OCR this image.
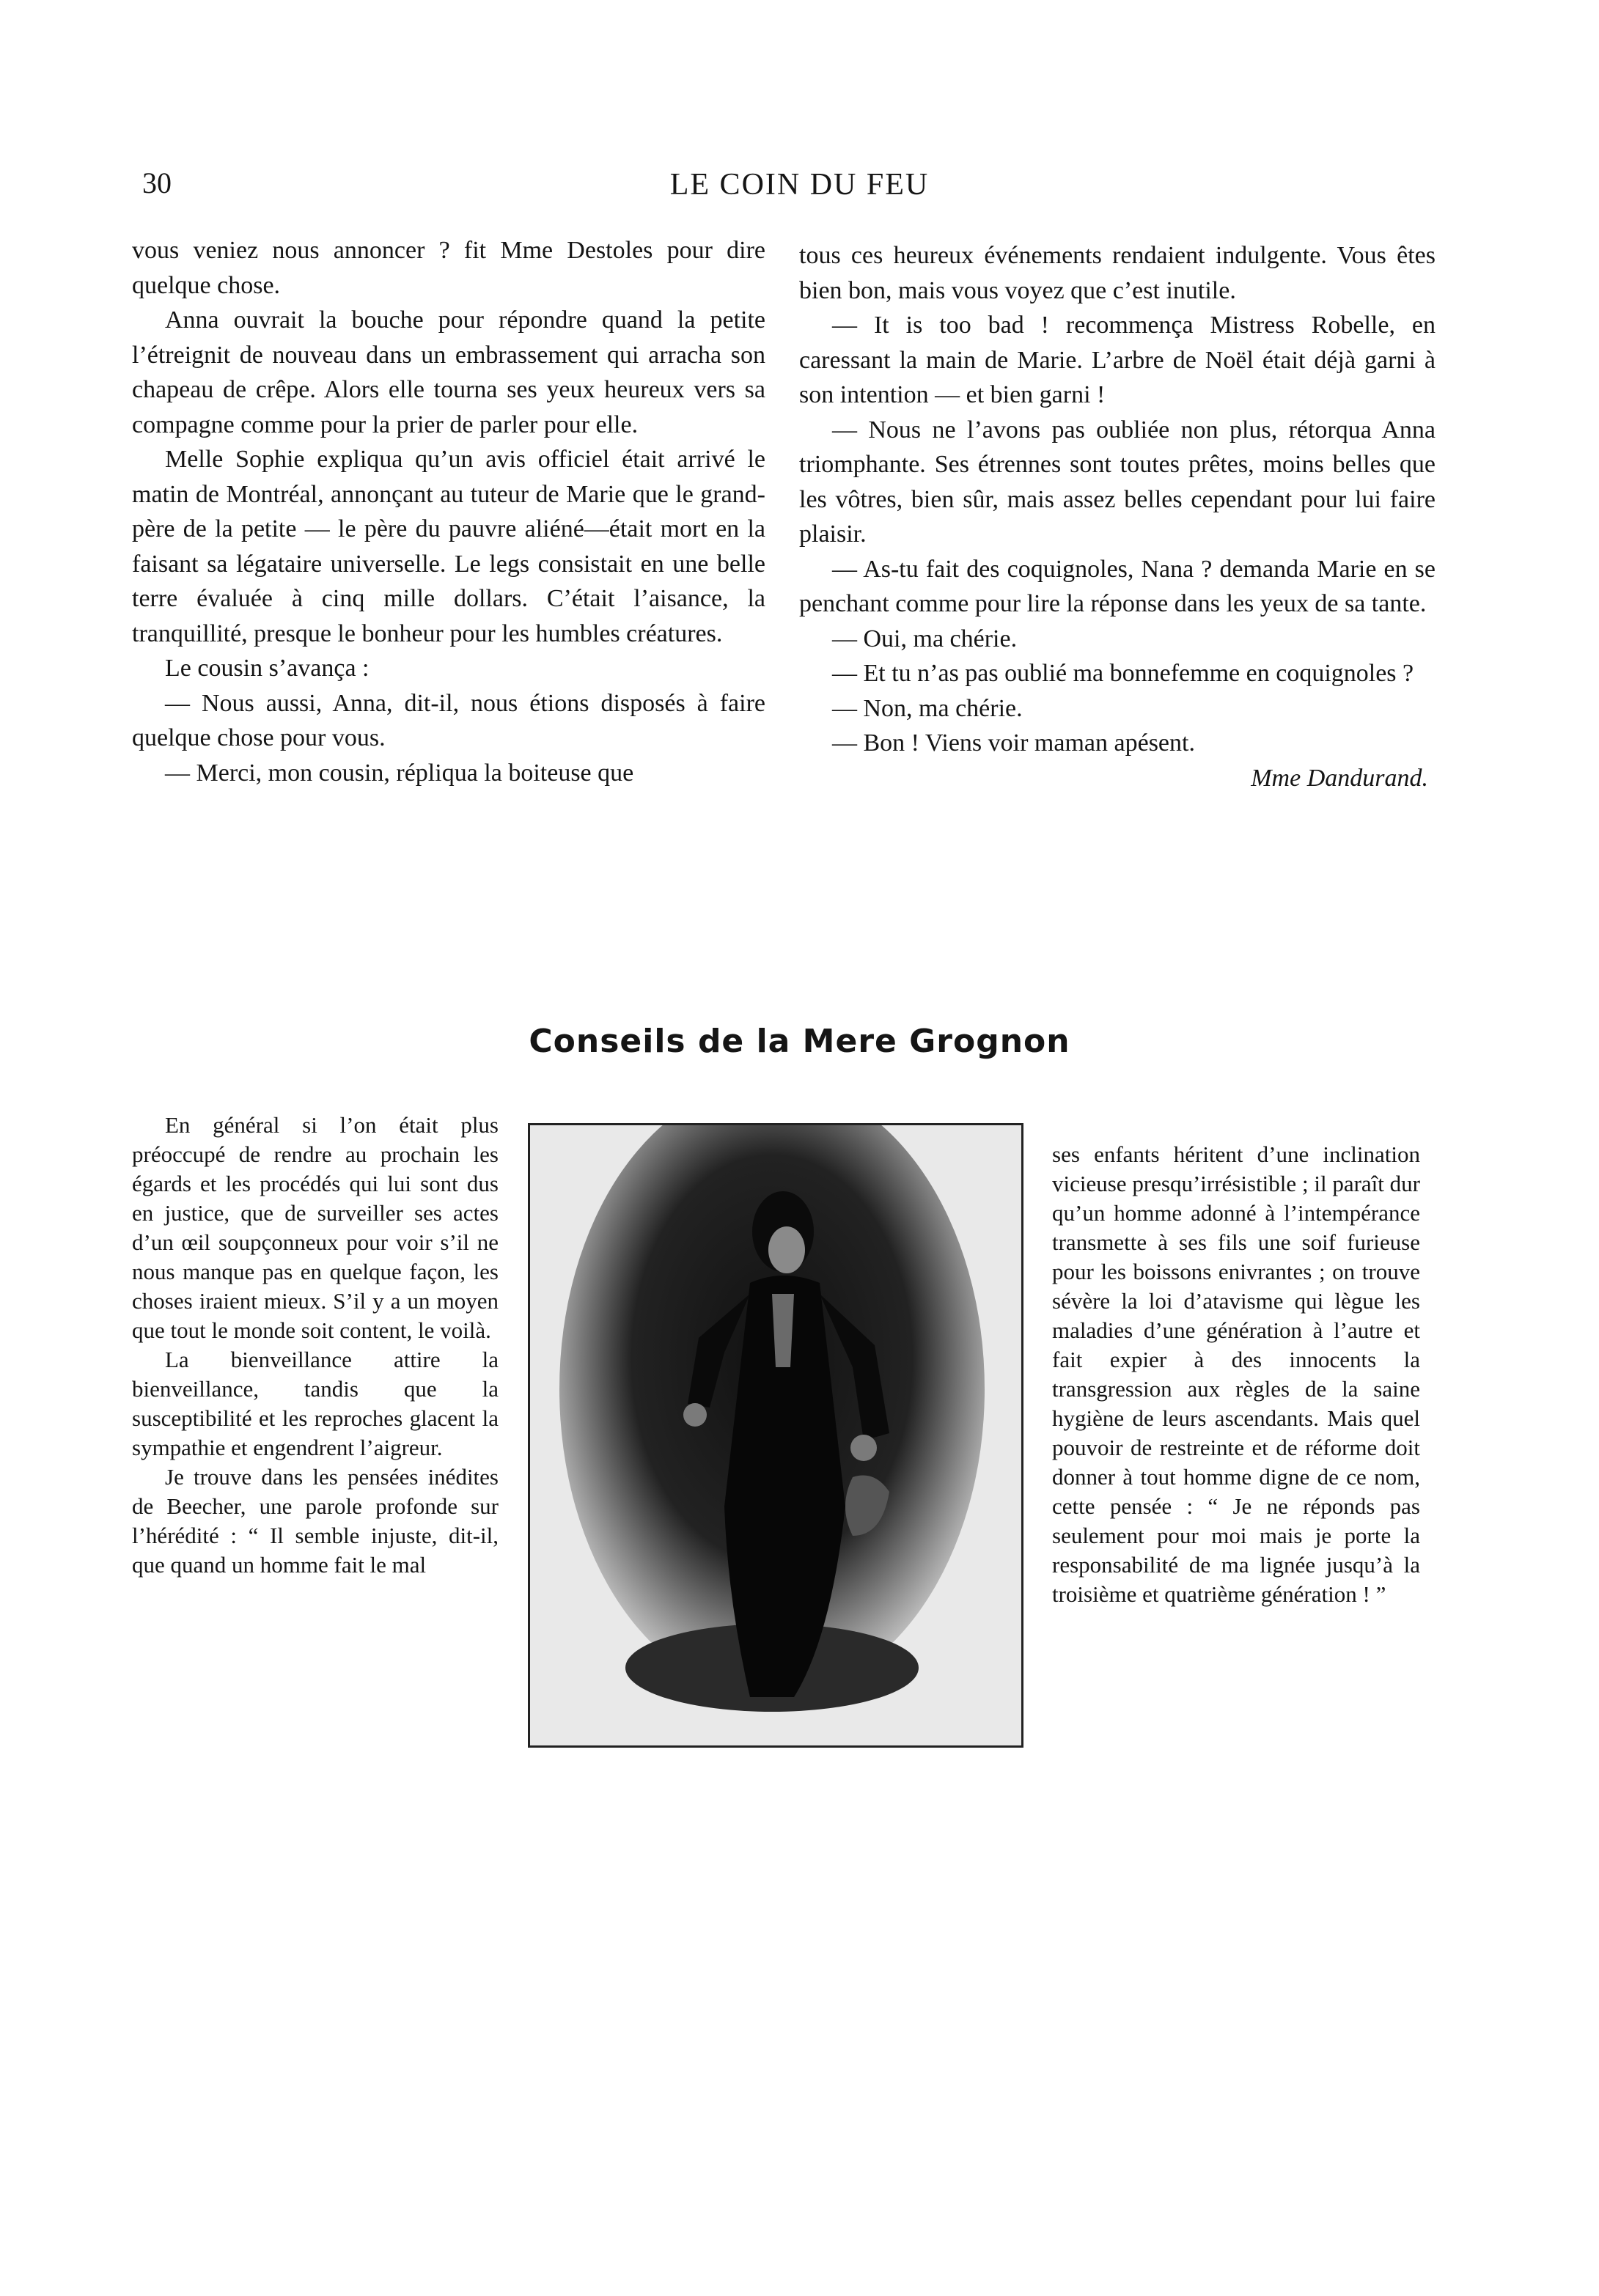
30	LE COIN DU FEU

vous veniez nous annoncer ? fit Mme Destoles pour dire quelque chose.

Anna ouvrait la bouche pour répondre quand la petite l’étreignit de nouveau dans un embrassement qui arracha son chapeau de crêpe. Alors elle tourna ses yeux heureux vers sa compagne comme pour la prier de parler pour elle.

Melle Sophie expliqua qu’un avis officiel était arrivé le matin de Montréal, annonçant au tuteur de Marie que le grand-père de la petite — le père du pauvre aliéné—était mort en la faisant sa légataire universelle. Le legs consistait en une belle terre évaluée à cinq mille dollars. C’était l’aisance, la tranquillité, presque le bonheur pour les humbles créatures.

Le cousin s’avança :

— Nous aussi, Anna, dit-il, nous étions disposés à faire quelque chose pour vous.

— Merci, mon cousin, répliqua la boiteuse que

tous ces heureux événements rendaient indulgente. Vous êtes bien bon, mais vous voyez que c’est inutile.

— It is too bad ! recommença Mistress Robelle, en caressant la main de Marie. L’arbre de Noël était déjà garni à son intention — et bien garni !

— Nous ne l’avons pas oubliée non plus, rétorqua Anna triomphante. Ses étrennes sont toutes prêtes, moins belles que les vôtres, bien sûr, mais assez belles cependant pour lui faire plaisir.

— As-tu fait des coquignoles, Nana ? demanda Marie en se penchant comme pour lire la réponse dans les yeux de sa tante.

— Oui, ma chérie.

— Et tu n’as pas oublié ma bonnefemme en coquignoles ?

— Non, ma chérie.

— Bon ! Viens voir maman apésent.

Mme Dandurand.

Conseils de la Mere Grognon

En général si l’on était plus préoccupé de rendre au prochain les égards et les procédés qui lui sont dus en justice, que de surveiller ses actes d’un œil soupçonneux pour voir s’il ne nous manque pas en quelque façon, les choses iraient mieux. S’il y a un moyen que tout le monde soit content, le voilà.

La bienveillance attire la bienveillance, tandis que la susceptibilité et les reproches glacent la sympathie et engendrent l’aigreur.

Je trouve dans les pensées inédites de Beecher, une parole profonde sur l’hérédité : “ Il semble injuste, dit-il, que quand un homme fait le mal

ses enfants héritent d’une inclination vicieuse presqu’irrésistible ; il paraît dur qu’un homme adonné à l’intempérance transmette à ses fils une soif furieuse pour les boissons enivrantes ; on trouve sévère la loi d’atavisme qui lègue les maladies d’une génération à l’autre et fait expier à des innocents la transgression aux règles de la saine hygiène de leurs ascendants. Mais quel pouvoir de restreinte et de réforme doit donner à tout homme digne de ce nom, cette pensée : “ Je ne réponds pas seulement pour moi mais je porte la responsabilité de ma lignée jusqu’à la troisième et quatrième génération ! ”
